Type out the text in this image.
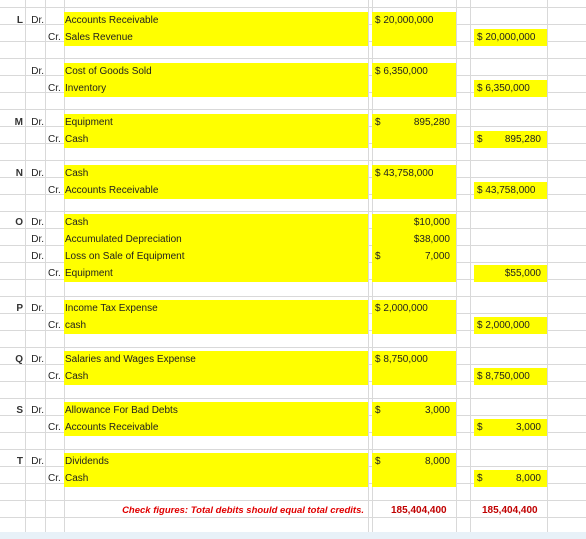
L Dr. Accounts Receivable	$ 20,000,000
Cr. Sales Revenue	$ 20,000,000
Dr. Cost of Goods Sold	$ 6,350,000
Cr. Inventory	$ 6,350,000
M Dr. Equipment	$	895,280
Cr. Cash	$ 895,280
N Dr. Cash	$ 43,758,000
Cr. Accounts Receivable	$ 43,758,000
O Dr. Cash	$10,000
Dr. Accumulated Depreciation	$38,000
Dr. Loss on Sale of Equipment	$	7,000
Cr. Equipment	$55,000
P Dr. Income Tax Expense	$ 2,000,000
Cr. cash	$ 2,000,000
Q Dr. Salaries and Wages Expense	$ 8,750,000
Cr. Cash	$ 8,750,000
S Dr. Allowance For Bad Debts	$	3,000
Cr. Accounts Receivable	$	3,000
T Dr. Dividends	$	8,000
Cr. Cash	$	8,000
Check figures: Total debits should equal total credits.	185,404,400	185,404,400
